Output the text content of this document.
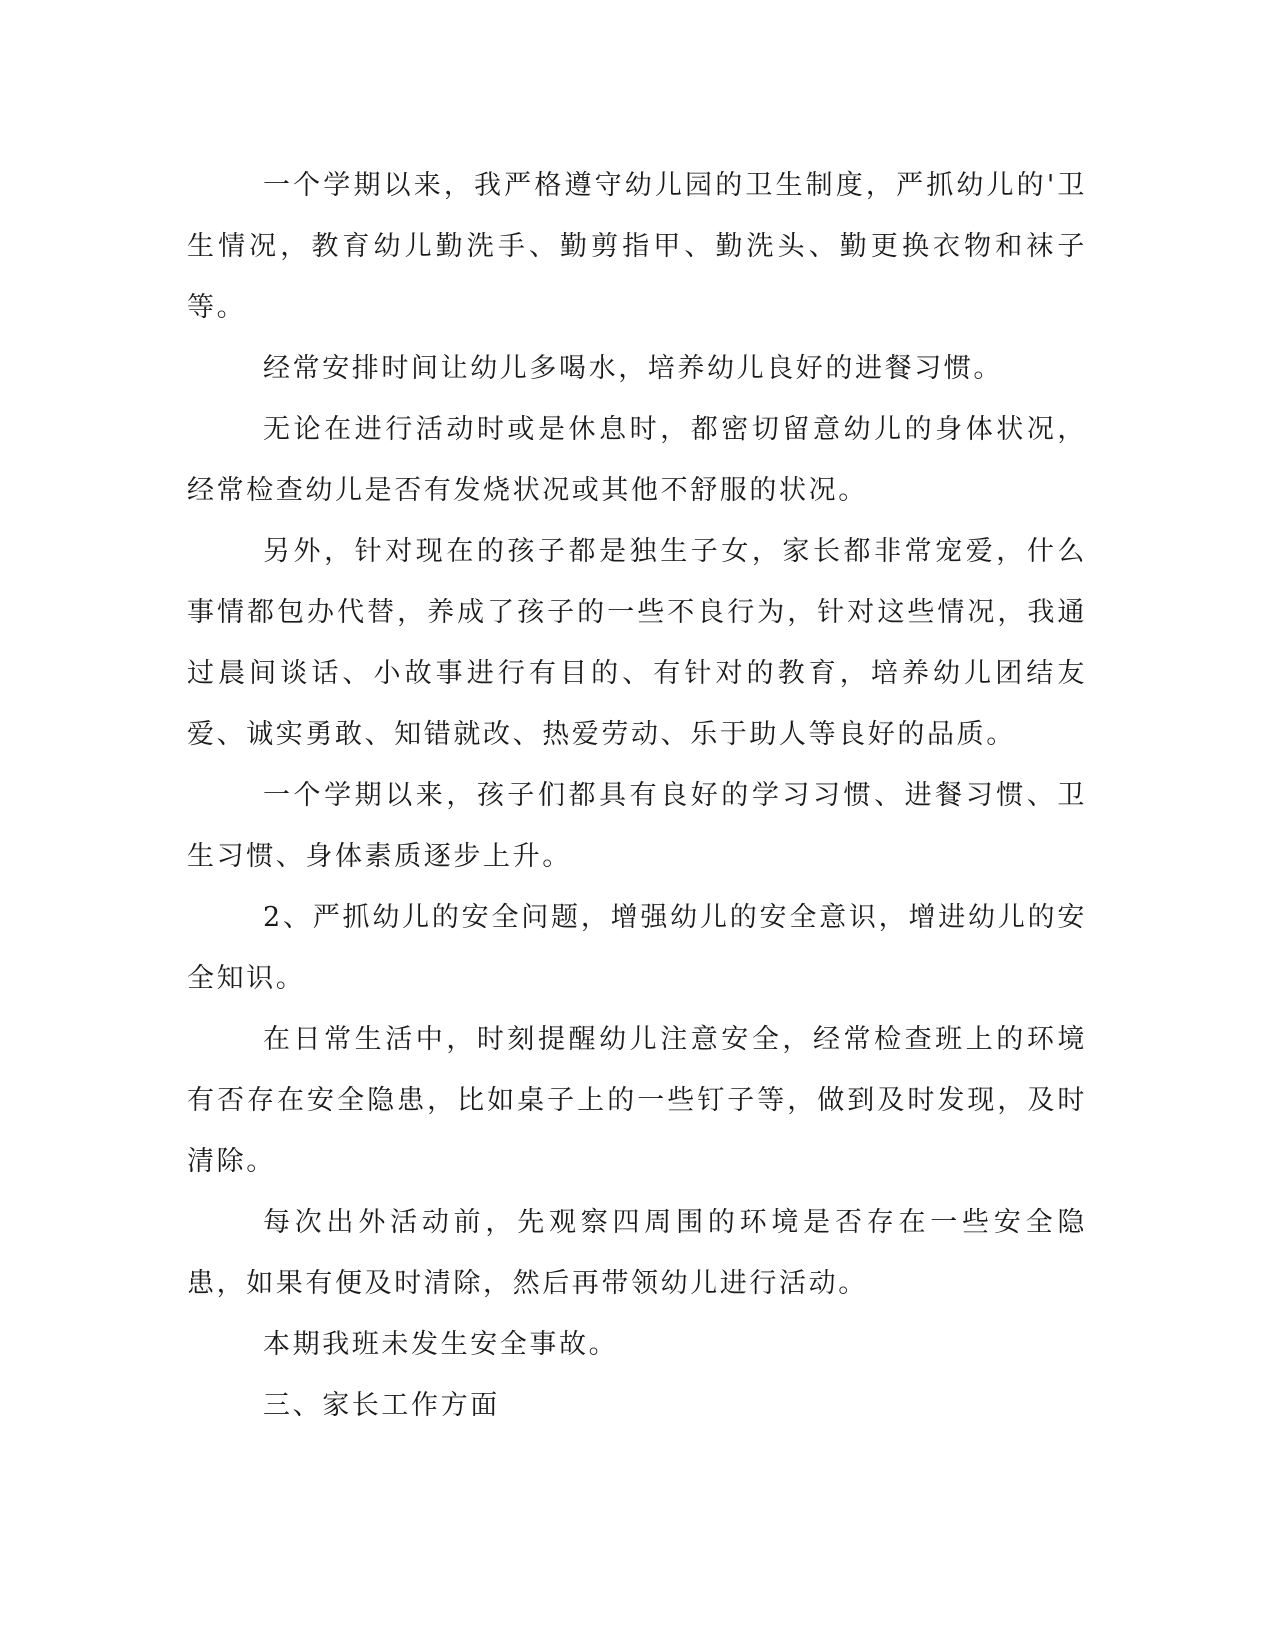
一个学期以来，我严格遵守幼儿园的卫生制度，严抓幼儿的'卫生情况，教育幼儿勤洗手、勤剪指甲、勤洗头、勤更换衣物和袜子等。

经常安排时间让幼儿多喝水，培养幼儿良好的进餐习惯。

无论在进行活动时或是休息时，都密切留意幼儿的身体状况，经常检查幼儿是否有发烧状况或其他不舒服的状况。

另外，针对现在的孩子都是独生子女，家长都非常宠爱，什么事情都包办代替，养成了孩子的一些不良行为，针对这些情况，我通过晨间谈话、小故事进行有目的、有针对的教育，培养幼儿团结友爱、诚实勇敢、知错就改、热爱劳动、乐于助人等良好的品质。

一个学期以来，孩子们都具有良好的学习习惯、进餐习惯、卫生习惯、身体素质逐步上升。

2、严抓幼儿的安全问题，增强幼儿的安全意识，增进幼儿的安全知识。

在日常生活中，时刻提醒幼儿注意安全，经常检查班上的环境有否存在安全隐患，比如桌子上的一些钉子等，做到及时发现，及时清除。

每次出外活动前，先观察四周围的环境是否存在一些安全隐患，如果有便及时清除，然后再带领幼儿进行活动。

本期我班未发生安全事故。

三、家长工作方面
